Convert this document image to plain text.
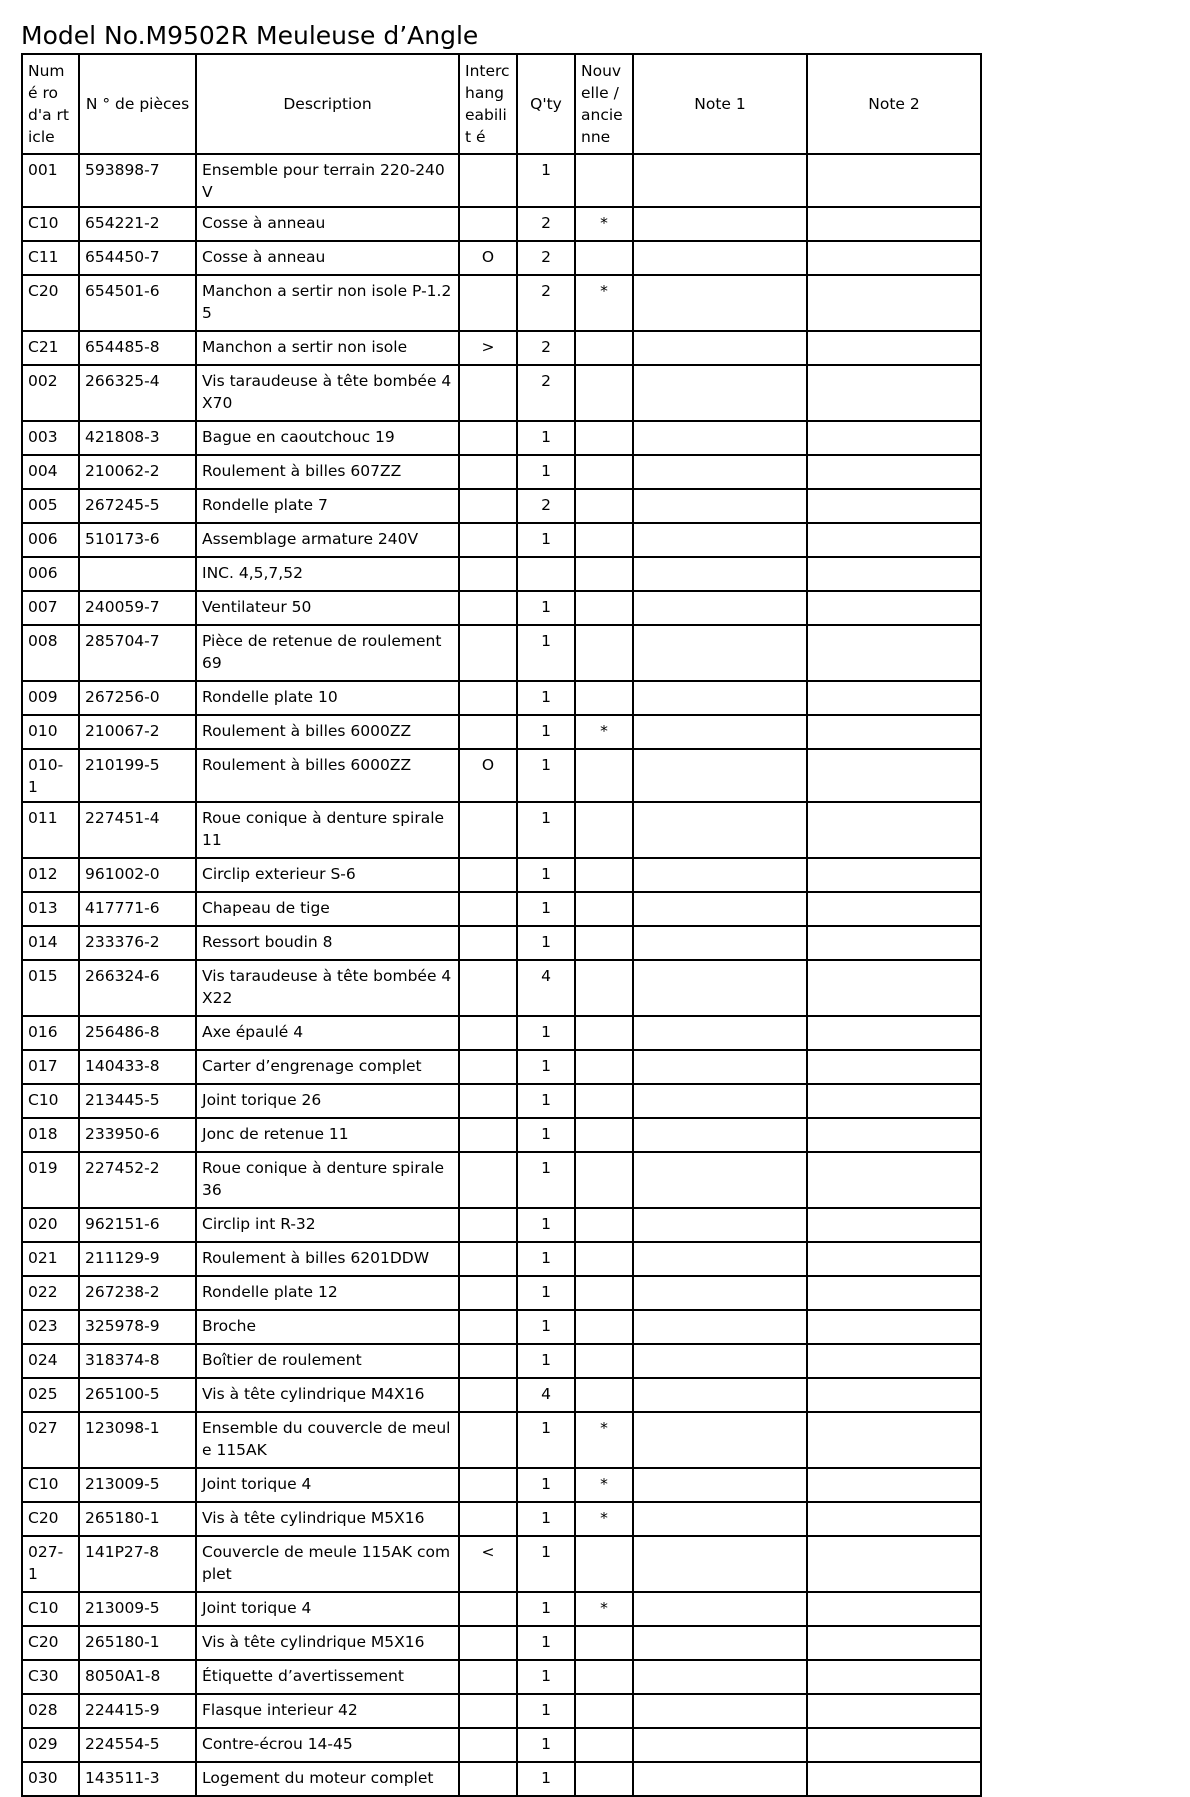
Model No.M9502R Meuleuse d’Angle
Numé ro d'a rticle	N ° de pièces	Description	Interc hang eabilit é	Q'ty	Nouv elle / ancie nne	Note 1	Note 2
001	593898-7	Ensemble pour terrain 220-240V		1			
C10	654221-2	Cosse à anneau		2	*		
C11	654450-7	Cosse à anneau	O	2			
C20	654501-6	Manchon a sertir non isole P-1.25		2	*		
C21	654485-8	Manchon a sertir non isole	>	2			
002	266325-4	Vis taraudeuse à tête bombée 4X70		2			
003	421808-3	Bague en caoutchouc 19		1			
004	210062-2	Roulement à billes 607ZZ		1			
005	267245-5	Rondelle plate 7		2			
006	510173-6	Assemblage armature 240V		1			
006		INC. 4,5,7,52					
007	240059-7	Ventilateur 50		1			
008	285704-7	Pièce de retenue de roulement 69		1			
009	267256-0	Rondelle plate 10		1			
010	210067-2	Roulement à billes 6000ZZ		1	*		
010-1	210199-5	Roulement à billes 6000ZZ	O	1			
011	227451-4	Roue conique à denture spirale 11		1			
012	961002-0	Circlip exterieur S-6		1			
013	417771-6	Chapeau de tige		1			
014	233376-2	Ressort boudin 8		1			
015	266324-6	Vis taraudeuse à tête bombée 4X22		4			
016	256486-8	Axe épaulé 4		1			
017	140433-8	Carter d’engrenage complet		1			
C10	213445-5	Joint torique 26		1			
018	233950-6	Jonc de retenue 11		1			
019	227452-2	Roue conique à denture spirale 36		1			
020	962151-6	Circlip int R-32		1			
021	211129-9	Roulement à billes 6201DDW		1			
022	267238-2	Rondelle plate 12		1			
023	325978-9	Broche		1			
024	318374-8	Boîtier de roulement		1			
025	265100-5	Vis à tête cylindrique M4X16		4			
027	123098-1	Ensemble du couvercle de meule 115AK		1	*		
C10	213009-5	Joint torique 4		1	*		
C20	265180-1	Vis à tête cylindrique M5X16		1	*		
027-1	141P27-8	Couvercle de meule 115AK complet	<	1			
C10	213009-5	Joint torique 4		1	*		
C20	265180-1	Vis à tête cylindrique M5X16		1			
C30	8050A1-8	Étiquette d’avertissement		1			
028	224415-9	Flasque interieur 42		1			
029	224554-5	Contre-écrou 14-45		1			
030	143511-3	Logement du moteur complet		1			
